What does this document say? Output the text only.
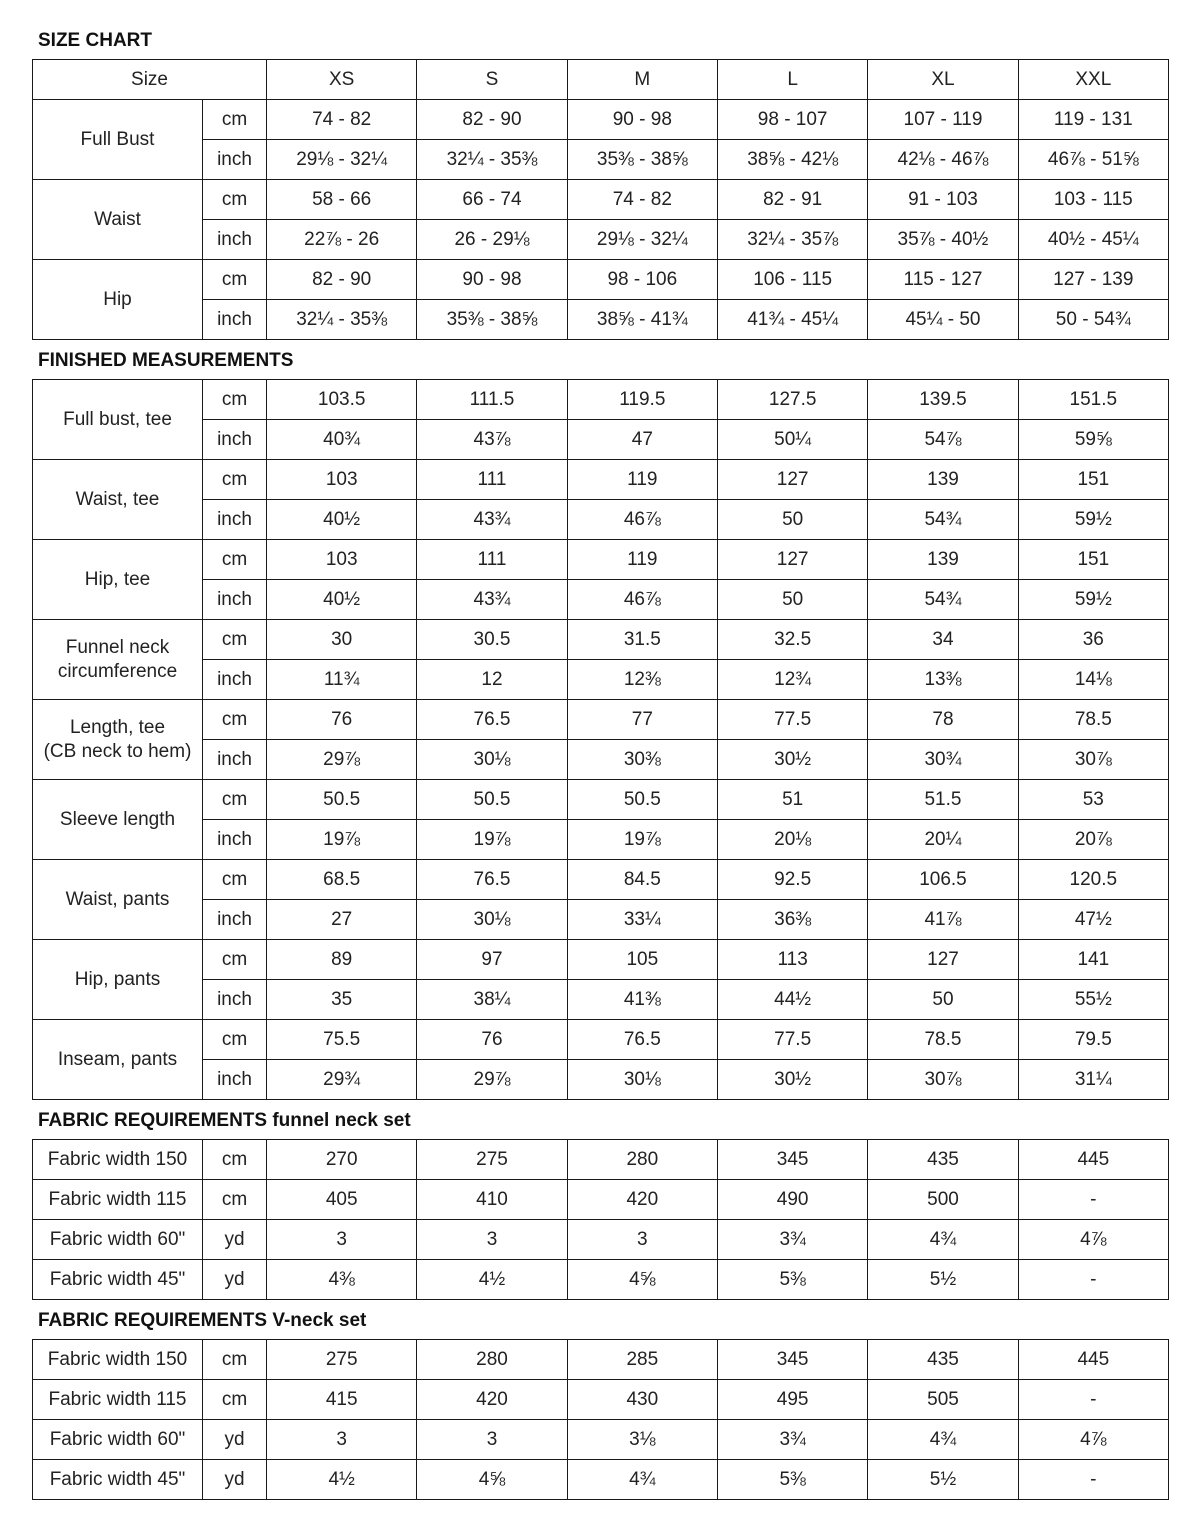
SIZE CHART
Size		XS	S	M	L	XL	XXL
Full Bust	cm	74 - 82	82 - 90	90 - 98	98 - 107	107 - 119	119 - 131
	inch	29⅛ - 32¼	32¼ - 35⅜	35⅜ - 38⅝	38⅝ - 42⅛	42⅛ - 46⅞	46⅞ - 51⅝
Waist	cm	58 - 66	66 - 74	74 - 82	82 - 91	91 - 103	103 - 115
	inch	22⅞ - 26	26 - 29⅛	29⅛ - 32¼	32¼ - 35⅞	35⅞ - 40½	40½ - 45¼
Hip	cm	82 - 90	90 - 98	98 - 106	106 - 115	115 - 127	127 - 139
	inch	32¼ - 35⅜	35⅜ - 38⅝	38⅝ - 41¾	41¾ - 45¼	45¼ - 50	50 - 54¾
FINISHED MEASUREMENTS
Full bust, tee	cm	103.5	111.5	119.5	127.5	139.5	151.5
	inch	40¾	43⅞	47	50¼	54⅞	59⅝
Waist, tee	cm	103	111	119	127	139	151
	inch	40½	43¾	46⅞	50	54¾	59½
Hip, tee	cm	103	111	119	127	139	151
	inch	40½	43¾	46⅞	50	54¾	59½
Funnel neck
circumference	cm	30	30.5	31.5	32.5	34	36
	inch	11¾	12	12⅜	12¾	13⅜	14⅛
Length, tee
(CB neck to hem)	cm	76	76.5	77	77.5	78	78.5
	inch	29⅞	30⅛	30⅜	30½	30¾	30⅞
Sleeve length	cm	50.5	50.5	50.5	51	51.5	53
	inch	19⅞	19⅞	19⅞	20⅛	20¼	20⅞
Waist, pants	cm	68.5	76.5	84.5	92.5	106.5	120.5
	inch	27	30⅛	33¼	36⅜	41⅞	47½
Hip, pants	cm	89	97	105	113	127	141
	inch	35	38¼	41⅜	44½	50	55½
Inseam, pants	cm	75.5	76	76.5	77.5	78.5	79.5
	inch	29¾	29⅞	30⅛	30½	30⅞	31¼
FABRIC REQUIREMENTS funnel neck set
Fabric width 150	cm	270	275	280	345	435	445
Fabric width 115	cm	405	410	420	490	500	-
Fabric width 60"	yd	3	3	3	3¾	4¾	4⅞
Fabric width 45"	yd	4⅜	4½	4⅝	5⅜	5½	-
FABRIC REQUIREMENTS V-neck set
Fabric width 150	cm	275	280	285	345	435	445
Fabric width 115	cm	415	420	430	495	505	-
Fabric width 60"	yd	3	3	3⅛	3¾	4¾	4⅞
Fabric width 45"	yd	4½	4⅝	4¾	5⅜	5½	-
